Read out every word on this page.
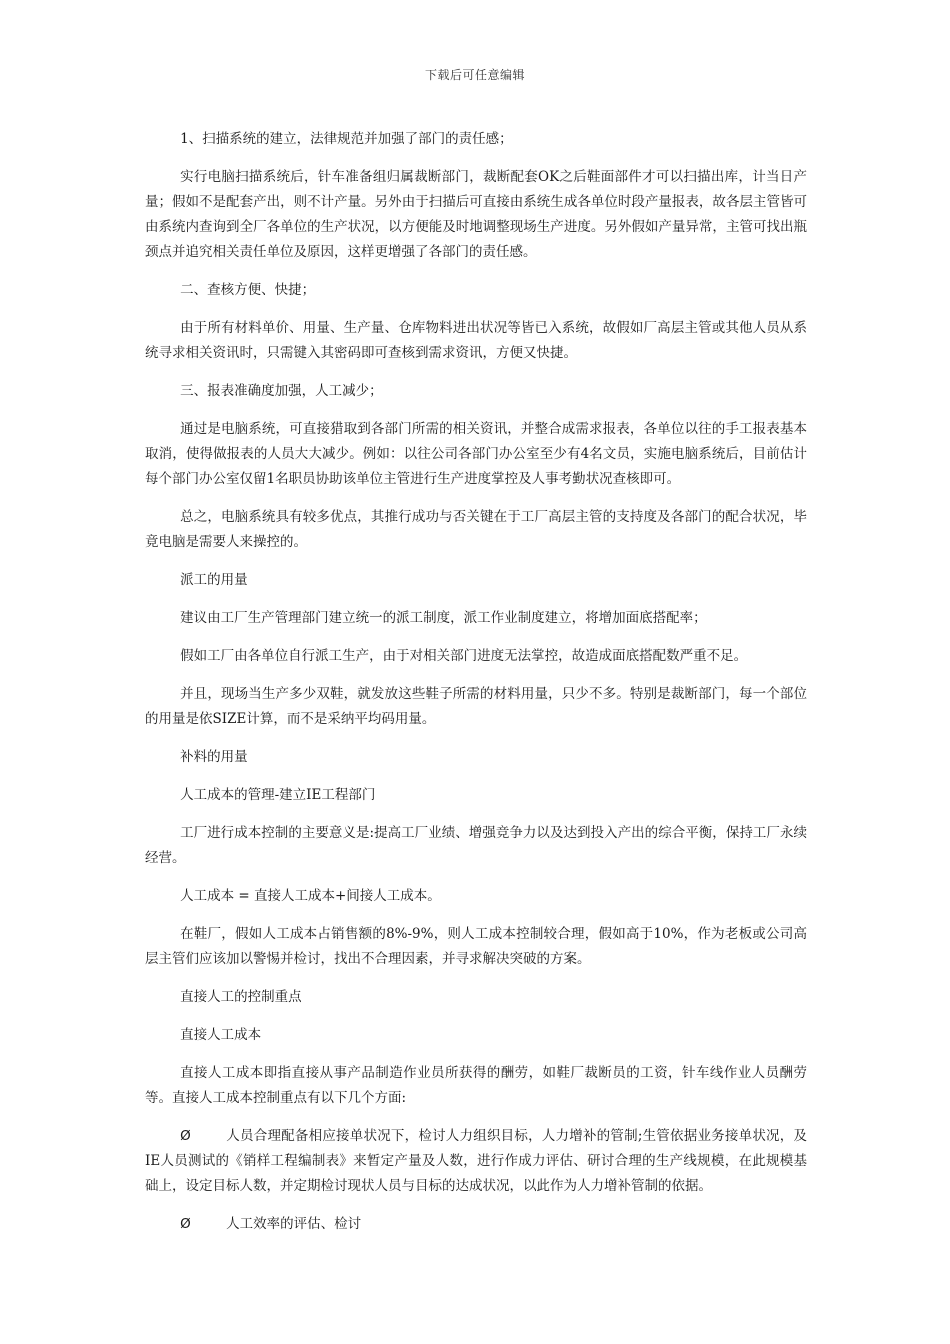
下载后可任意编辑

1、扫描系统的建立，法律规范并加强了部门的责任感；

实行电脑扫描系统后，针车准备组归属裁断部门，裁断配套OK之后鞋面部件才可以扫描出库，计当日产量；假如不是配套产出，则不计产量。另外由于扫描后可直接由系统生成各单位时段产量报表，故各层主管皆可由系统内查询到全厂各单位的生产状况，以方便能及时地调整现场生产进度。另外假如产量异常，主管可找出瓶颈点并追究相关责任单位及原因，这样更增强了各部门的责任感。

二、查核方便、快捷；

由于所有材料单价、用量、生产量、仓库物料进出状况等皆已入系统，故假如厂高层主管或其他人员从系统寻求相关资讯时，只需键入其密码即可查核到需求资讯，方便又快捷。

三、报表准确度加强，人工减少；

通过是电脑系统，可直接猎取到各部门所需的相关资讯，并整合成需求报表，各单位以往的手工报表基本取消，使得做报表的人员大大减少。例如：以往公司各部门办公室至少有4名文员，实施电脑系统后，目前估计每个部门办公室仅留1名职员协助该单位主管进行生产进度掌控及人事考勤状况查核即可。

总之，电脑系统具有较多优点，其推行成功与否关键在于工厂高层主管的支持度及各部门的配合状况，毕竟电脑是需要人来操控的。

派工的用量

建议由工厂生产管理部门建立统一的派工制度，派工作业制度建立，将增加面底搭配率；

假如工厂由各单位自行派工生产，由于对相关部门进度无法掌控，故造成面底搭配数严重不足。

并且，现场当生产多少双鞋，就发放这些鞋子所需的材料用量，只少不多。特别是裁断部门，每一个部位的用量是依SIZE计算，而不是采纳平均码用量。

补料的用量

人工成本的管理-建立IE工程部门

工厂进行成本控制的主要意义是:提高工厂业绩、增强竞争力以及达到投入产出的综合平衡，保持工厂永续经营。

人工成本 = 直接人工成本+间接人工成本。

在鞋厂，假如人工成本占销售额的8%-9%，则人工成本控制较合理，假如高于10%，作为老板或公司高层主管们应该加以警惕并检讨，找出不合理因素，并寻求解决突破的方案。

直接人工的控制重点

直接人工成本

直接人工成本即指直接从事产品制造作业员所获得的酬劳，如鞋厂裁断员的工资，针车线作业人员酬劳等。直接人工成本控制重点有以下几个方面:

Ø	人员合理配备相应接单状况下，检讨人力组织目标，人力增补的管制;生管依据业务接单状况，及IE人员测试的《销样工程编制表》来暂定产量及人数，进行作成力评估、研讨合理的生产线规模，在此规模基础上，设定目标人数，并定期检讨现状人员与目标的达成状况，以此作为人力增补管制的依据。

Ø	人工效率的评估、检讨
